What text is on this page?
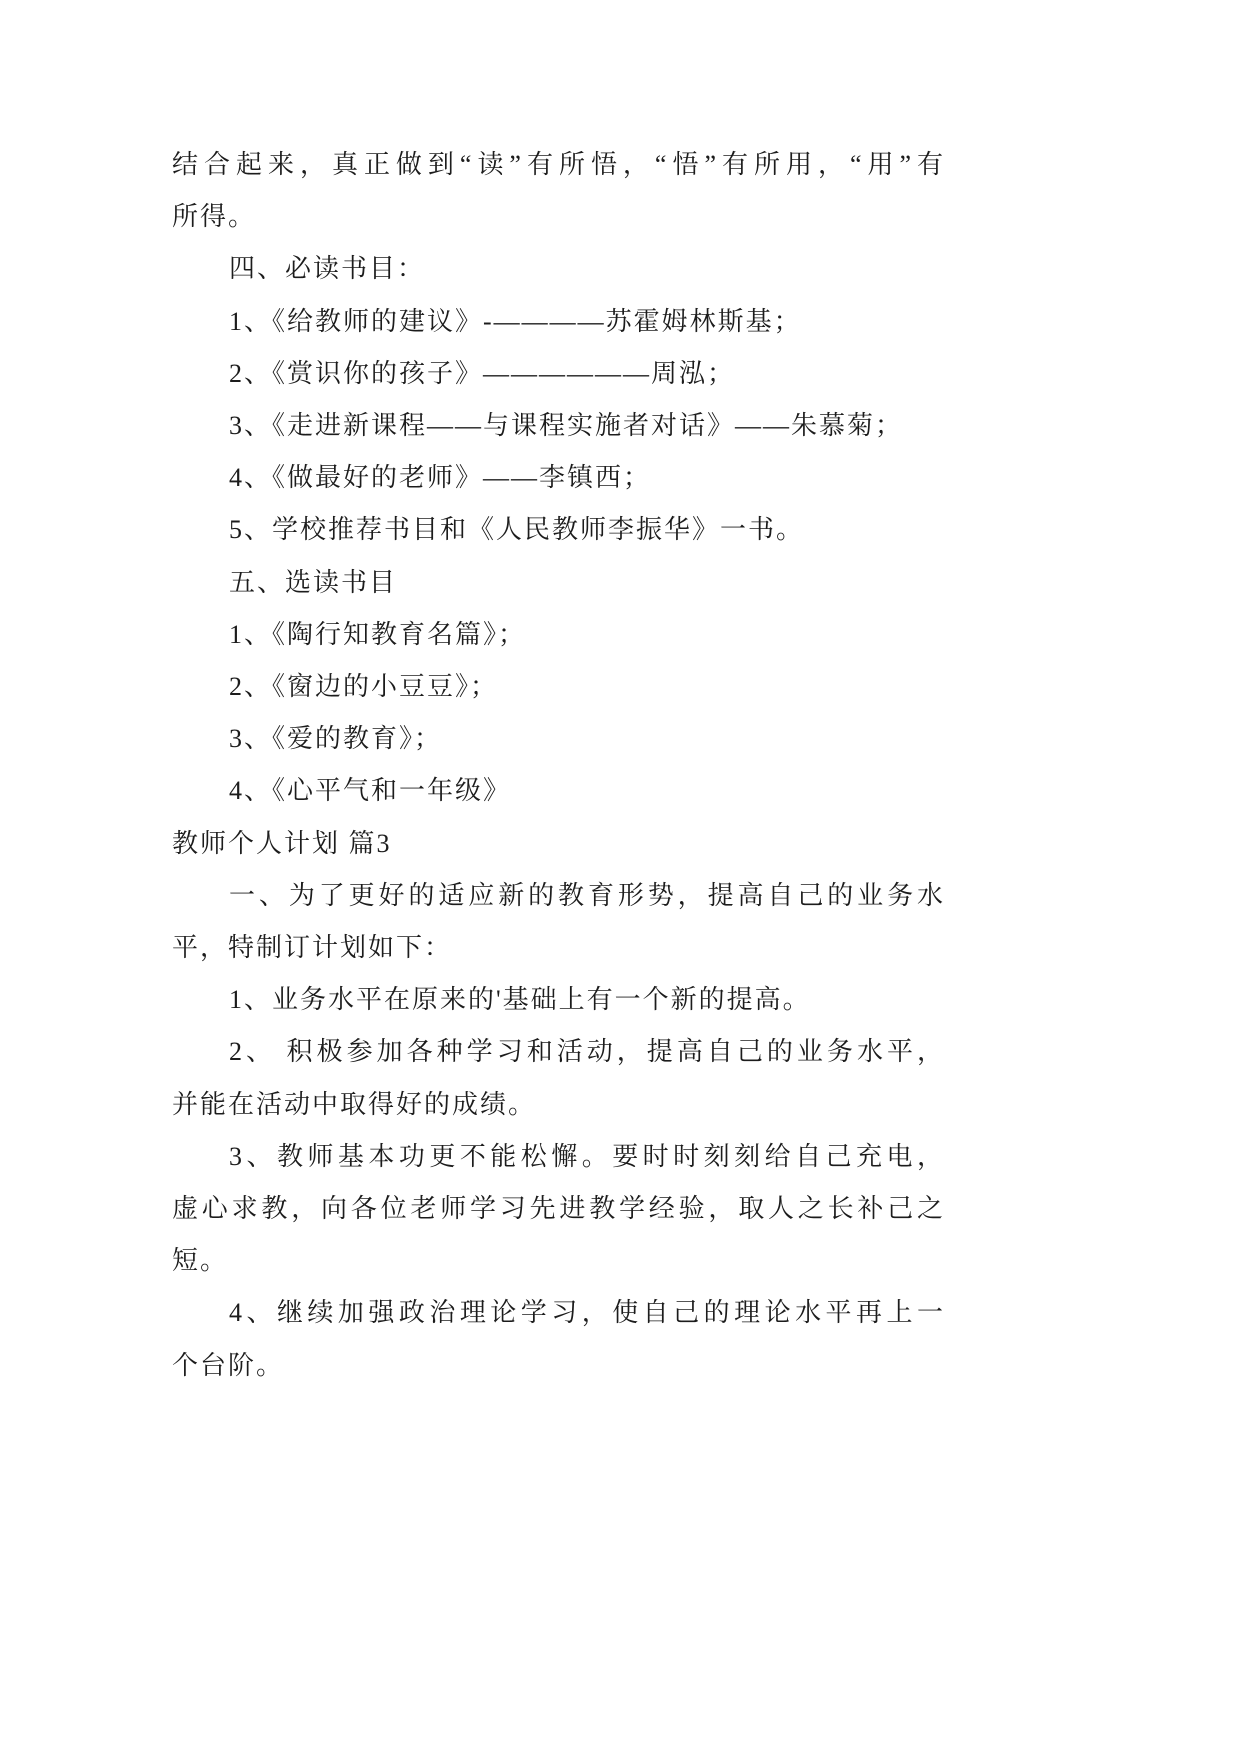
结合起来，真正做到“读”有所悟，“悟”有所用，“用”有
所得。
四、必读书目：
1、《给教师的建议》-————苏霍姆林斯基；
2、《赏识你的孩子》——————周泓；
3、《走进新课程——与课程实施者对话》——朱慕菊；
4、《做最好的老师》——李镇西；
5、学校推荐书目和《人民教师李振华》一书。
五、选读书目
1、《陶行知教育名篇》；
2、《窗边的小豆豆》；
3、《爱的教育》；
4、《心平气和一年级》
教师个人计划 篇3
一、为了更好的适应新的教育形势，提高自己的业务水
平，特制订计划如下：
1、业务水平在原来的'基础上有一个新的提高。
2、 积极参加各种学习和活动，提高自己的业务水平，
并能在活动中取得好的成绩。
3、教师基本功更不能松懈。要时时刻刻给自己充电，
虚心求教，向各位老师学习先进教学经验，取人之长补己之
短。
4、继续加强政治理论学习，使自己的理论水平再上一
个台阶。
